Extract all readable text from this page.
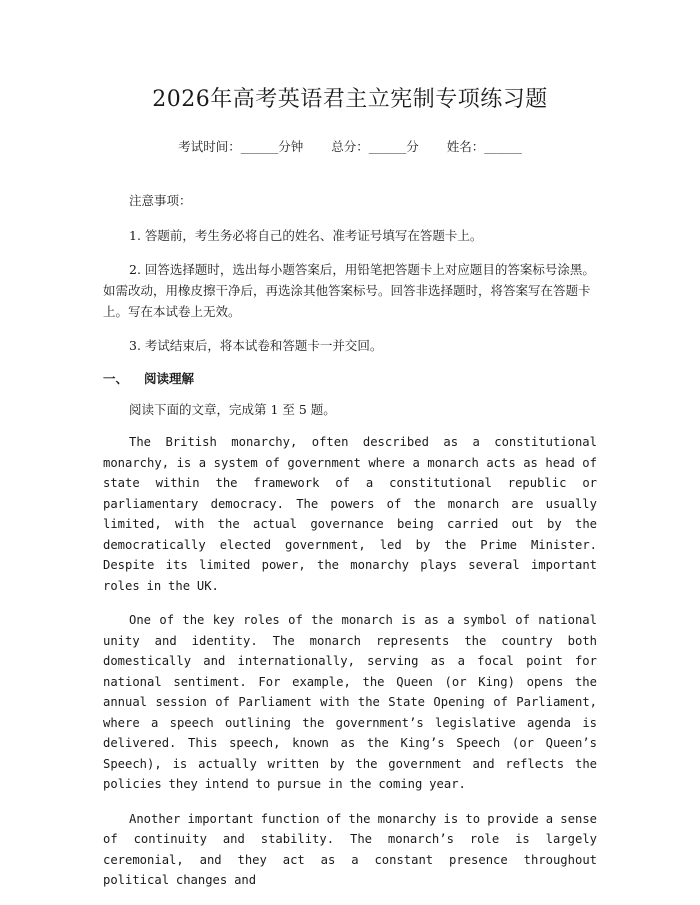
2026年高考英语君主立宪制专项练习题
考试时间：______分钟 总分：______分 姓名：______
注意事项：

1. 答题前，考生务必将自己的姓名、准考证号填写在答题卡上。

2. 回答选择题时，选出每小题答案后，用铅笔把答题卡上对应题目的答案标号涂黑。如需改动，用橡皮擦干净后，再选涂其他答案标号。回答非选择题时，将答案写在答题卡上。写在本试卷上无效。

3. 考试结束后，将本试卷和答题卡一并交回。

一、 阅读理解
阅读下面的文章，完成第 1 至 5 题。

The British monarchy, often described as a constitutional monarchy, is a system of government where a monarch acts as head of state within the framework of a constitutional republic or parliamentary democracy. The powers of the monarch are usually limited, with the actual governance being carried out by the democratically elected government, led by the Prime Minister. Despite its limited power, the monarchy plays several important roles in the UK.

One of the key roles of the monarch is as a symbol of national unity and identity. The monarch represents the country both domestically and internationally, serving as a focal point for national sentiment. For example, the Queen (or King) opens the annual session of Parliament with the State Opening of Parliament, where a speech outlining the government’s legislative agenda is delivered. This speech, known as the King’s Speech (or Queen’s Speech), is actually written by the government and reflects the policies they intend to pursue in the coming year.

Another important function of the monarchy is to provide a sense of continuity and stability. The monarch’s role is largely ceremonial, and they act as a constant presence throughout political changes and
